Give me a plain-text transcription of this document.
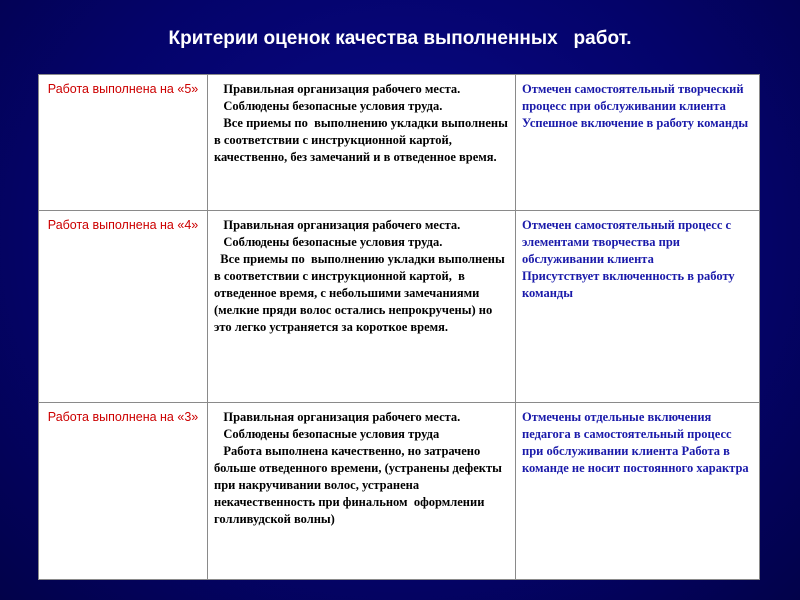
Критерии оценок качества выполненных   работ.
Работа выполнена на «5»	Правильная организация рабочего места.
Соблюдены безопасные условия труда.
Все приемы по  выполнению укладки выполнены в соответствии с инструкционной картой,  качественно, без замечаний и в отведенное время.	Отмечен самостоятельный творческий процесс при обслуживании клиента
Успешное включение в работу команды

Работа выполнена на «4»	Правильная организация рабочего места.
Соблюдены безопасные условия труда.
Все приемы по  выполнению укладки выполнены в соответствии с инструкционной картой,  в отведенное время, с небольшими замечаниями (мелкие пряди волос остались непрокручены) но это легко устраняется за короткое время.	Отмечен самостоятельный процесс с элементами творчества при обслуживании клиента
Присутствует включенность в работу команды

Работа выполнена на «3»	Правильная организация рабочего места.
Соблюдены безопасные условия труда
Работа выполнена качественно, но затрачено больше отведенного времени, (устранены дефекты  при накручивании волос, устранена некачественность при финальном  оформлении голливудской волны)	Отмечены отдельные включения педагога в самостоятельный процесс при обслуживании клиента Работа в команде не носит постоянного характра
